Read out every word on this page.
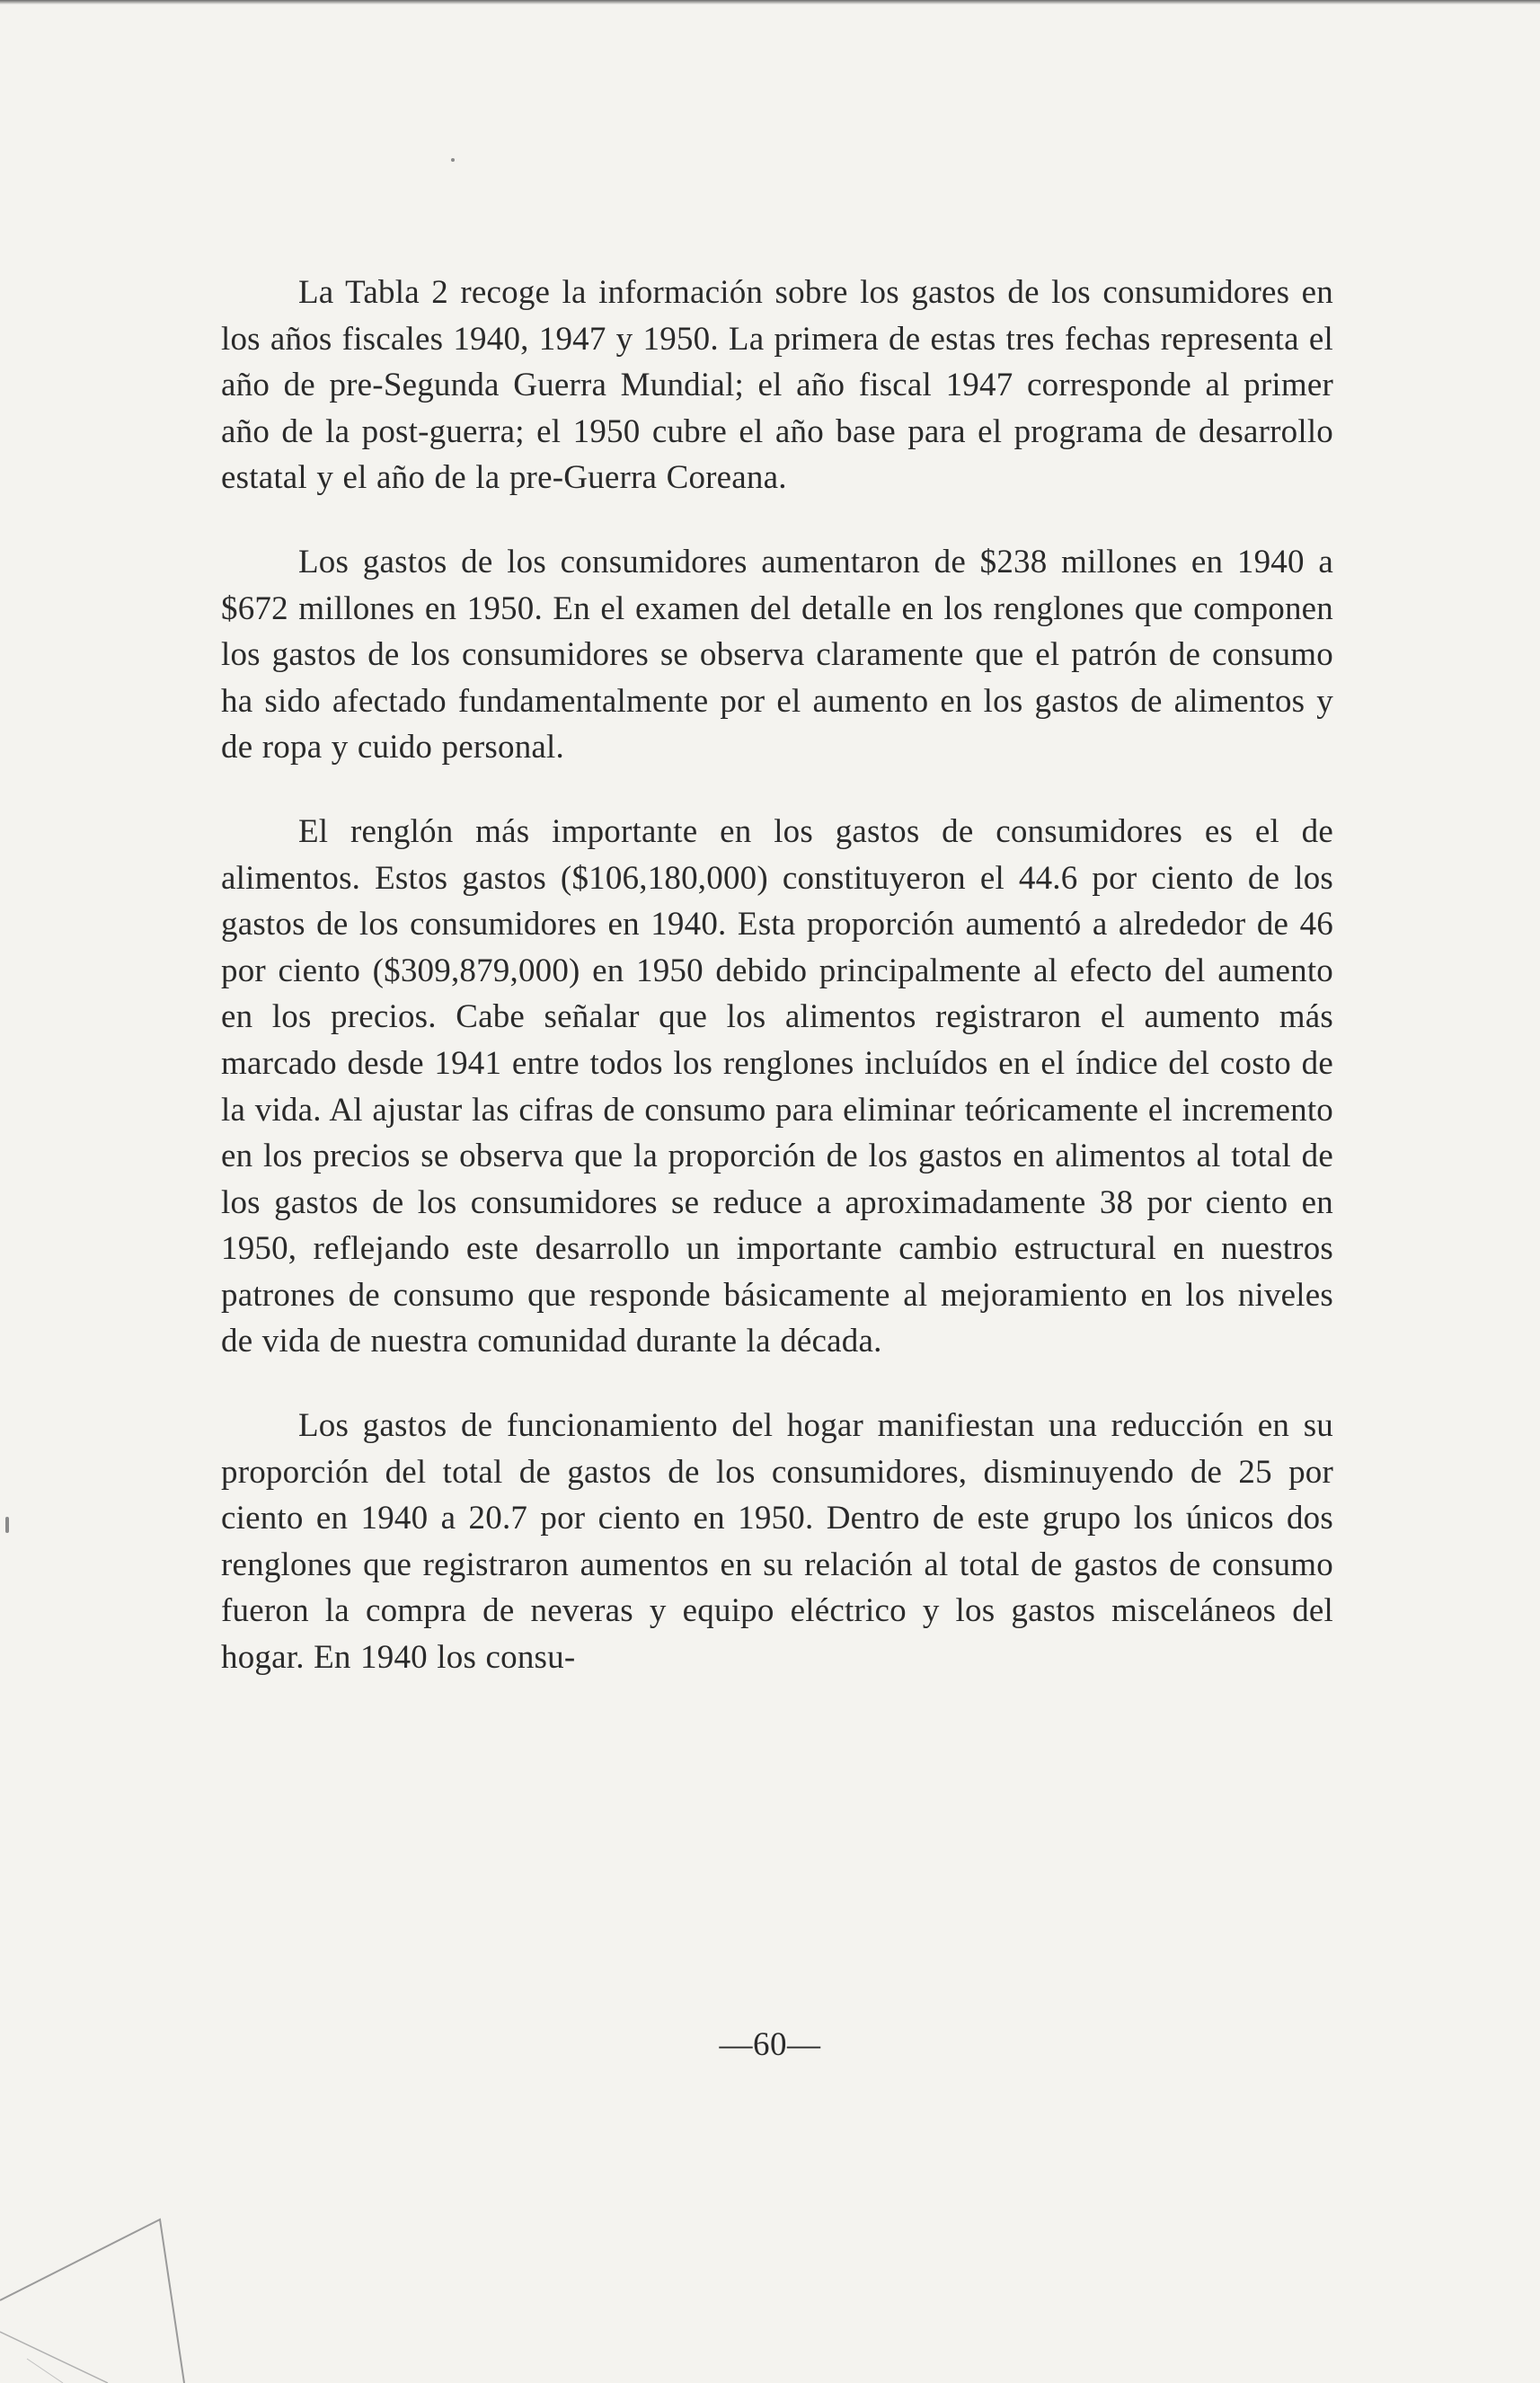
La Tabla 2 recoge la información sobre los gastos de los consumidores en los años fiscales 1940, 1947 y 1950. La primera de estas tres fechas representa el año de pre-Segunda Guerra Mundial; el año fiscal 1947 corresponde al primer año de la post-guerra; el 1950 cubre el año base para el programa de desarrollo estatal y el año de la pre-Guerra Coreana.

Los gastos de los consumidores aumentaron de $238 millones en 1940 a $672 millones en 1950. En el examen del detalle en los renglones que componen los gastos de los consumidores se observa claramente que el patrón de consumo ha sido afectado fundamentalmente por el aumento en los gastos de alimentos y de ropa y cuido personal.

El renglón más importante en los gastos de consumidores es el de alimentos. Estos gastos ($106,180,000) constituyeron el 44.6 por ciento de los gastos de los consumidores en 1940. Esta proporción aumentó a alrededor de 46 por ciento ($309,879,000) en 1950 debido principalmente al efecto del aumento en los precios. Cabe señalar que los alimentos registraron el aumento más marcado desde 1941 entre todos los renglones incluídos en el índice del costo de la vida. Al ajustar las cifras de consumo para eliminar teóricamente el incremento en los precios se observa que la proporción de los gastos en alimentos al total de los gastos de los consumidores se reduce a aproximadamente 38 por ciento en 1950, reflejando este desarrollo un importante cambio estructural en nuestros patrones de consumo que responde básicamente al mejoramiento en los niveles de vida de nuestra comunidad durante la década.

Los gastos de funcionamiento del hogar manifiestan una reducción en su proporción del total de gastos de los consumidores, disminuyendo de 25 por ciento en 1940 a 20.7 por ciento en 1950. Dentro de este grupo los únicos dos renglones que registraron aumentos en su relación al total de gastos de consumo fueron la compra de neveras y equipo eléctrico y los gastos misceláneos del hogar. En 1940 los consu-

—60—
